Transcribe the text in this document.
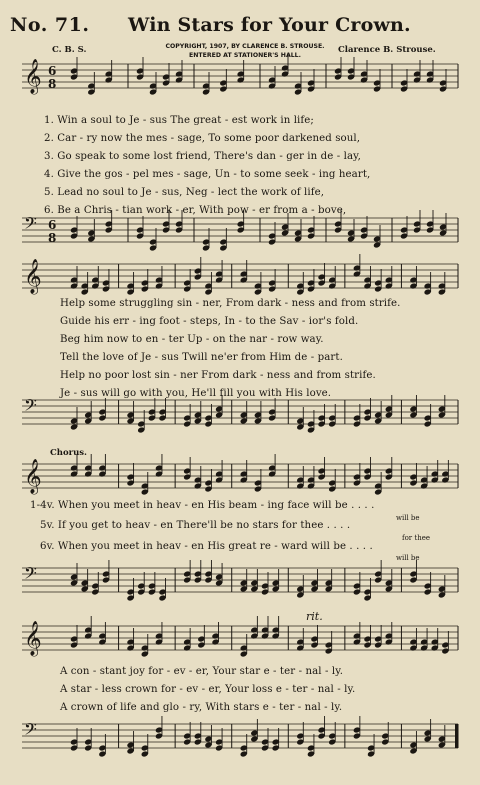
No. 71. Win Stars for Your Crown.
C. B. S.	COPYRIGHT, 1907, BY CLARENCE B. STROUSE.
ENTERED AT STATIONER'S HALL.
Clarence B. Strouse.
𝄞 6
8
1. Win a soul to Je - sus The great - est work in life;
2. Car - ry now the mes - sage, To some poor darkened soul,
3. Go speak to some lost friend, There's dan - ger in de - lay,
4. Give the gos - pel mes - sage, Un - to some seek - ing heart,
5. Lead no soul to Je - sus, Neg - lect the work of life,
6. Be a Chris - tian work - er, With pow - er from a - bove,
𝄢 6
8
𝄞
Help some struggling sin - ner, From dark - ness and from strife.
Guide his err - ing foot - steps, In - to the Sav - ior's fold.
Beg him now to en - ter Up - on the nar - row way.
Tell the love of Je - sus Twill ne'er from Him de - part.
Help no poor lost sin - ner From dark - ness and from strife.
Je - sus will go with you, He'll fill you with His love.
𝄢
Chorus.
𝄞
1-4v. When you meet in heav - en His beam - ing face will be . . . .
will be
5v. If you get to heav - en There'll be no stars for thee . . . .
for thee
6v. When you meet in heav - en His great re - ward will be . . . .
will be
𝄢
rit.
𝄞
A con - stant joy for - ev - er, Your star e - ter - nal - ly.
A star - less crown for - ev - er, Your loss e - ter - nal - ly.
A crown of life and glo - ry, With stars e - ter - nal - ly.
𝄢
